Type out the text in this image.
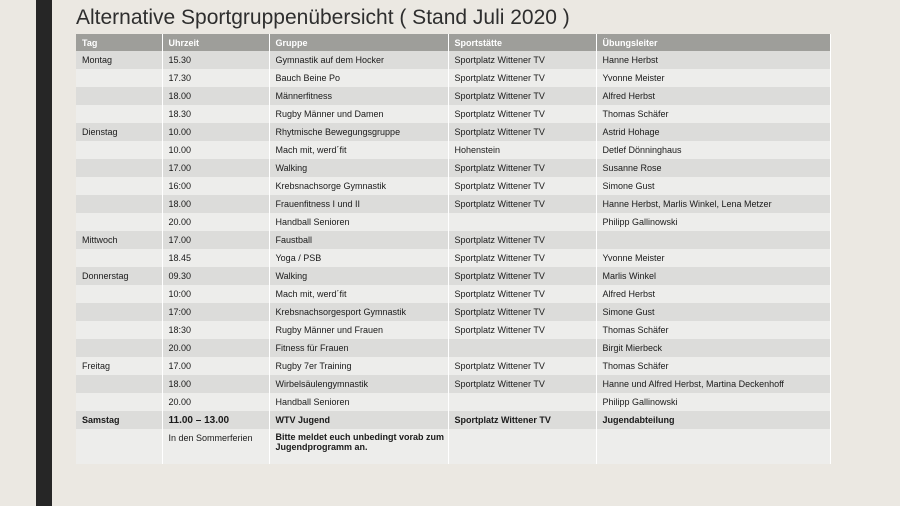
Alternative Sportgruppenübersicht ( Stand Juli 2020 )
Tag	Uhrzeit	Gruppe	Sportstätte	Übungsleiter
Montag	15.30	Gymnastik auf dem Hocker	Sportplatz Wittener TV	Hanne Herbst
	17.30	Bauch Beine Po	Sportplatz Wittener TV	Yvonne Meister
	18.00	Männerfitness	Sportplatz Wittener TV	Alfred Herbst
	18.30	Rugby Männer und Damen	Sportplatz Wittener TV	Thomas Schäfer
Dienstag	10.00	Rhytmische Bewegungsgruppe	Sportplatz Wittener TV	Astrid Hohage
	10.00	Mach mit, werd´fit	Hohenstein	Detlef Dönninghaus
	17.00	Walking	Sportplatz Wittener TV	Susanne Rose
	16:00	Krebsnachsorge Gymnastik	Sportplatz Wittener TV	Simone Gust
	18.00	Frauenfitness I und II	Sportplatz Wittener TV	Hanne Herbst, Marlis Winkel, Lena Metzer
	20.00	Handball Senioren		Philipp Gallinowski
Mittwoch	17.00	Faustball	Sportplatz Wittener TV	
	18.45	Yoga / PSB	Sportplatz Wittener TV	Yvonne Meister
Donnerstag	09.30	Walking	Sportplatz Wittener TV	Marlis Winkel
	10:00	Mach mit, werd´fit	Sportplatz Wittener TV	Alfred Herbst
	17:00	Krebsnachsorgesport Gymnastik	Sportplatz Wittener TV	Simone Gust
	18:30	Rugby Männer und Frauen	Sportplatz Wittener TV	Thomas Schäfer
	20.00	Fitness für Frauen		Birgit Mierbeck
Freitag	17.00	Rugby 7er Training	Sportplatz Wittener TV	Thomas Schäfer
	18.00	Wirbelsäulengymnastik	Sportplatz Wittener TV	Hanne und Alfred Herbst, Martina Deckenhoff
	20.00	Handball Senioren		Philipp Gallinowski
Samstag	11.00 – 13.00	WTV Jugend	Sportplatz Wittener TV	Jugendabteilung
	In den Sommerferien	Bitte meldet euch unbedingt vorab zum Jugendprogramm an.		
